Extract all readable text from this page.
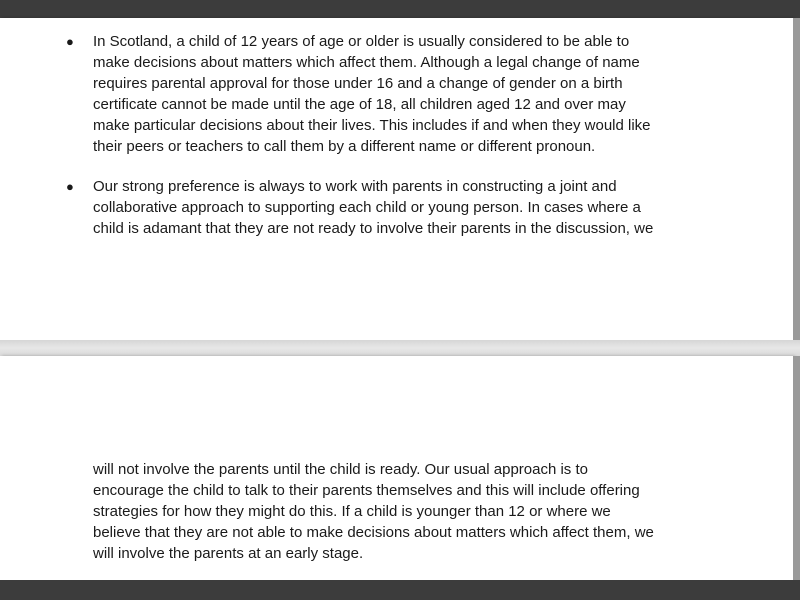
●	In Scotland, a child of 12 years of age or older is usually considered to be able to
make decisions about matters which affect them. Although a legal change of name
requires parental approval for those under 16 and a change of gender on a birth
certificate cannot be made until the age of 18, all children aged 12 and over may
make particular decisions about their lives. This includes if and when they would like
their peers or teachers to call them by a different name or different pronoun.
●	Our strong preference is always to work with parents in constructing a joint and
collaborative approach to supporting each child or young person. In cases where a
child is adamant that they are not ready to involve their parents in the discussion, we
will not involve the parents until the child is ready. Our usual approach is to
encourage the child to talk to their parents themselves and this will include offering
strategies for how they might do this. If a child is younger than 12 or where we
believe that they are not able to make decisions about matters which affect them, we
will involve the parents at an early stage.
